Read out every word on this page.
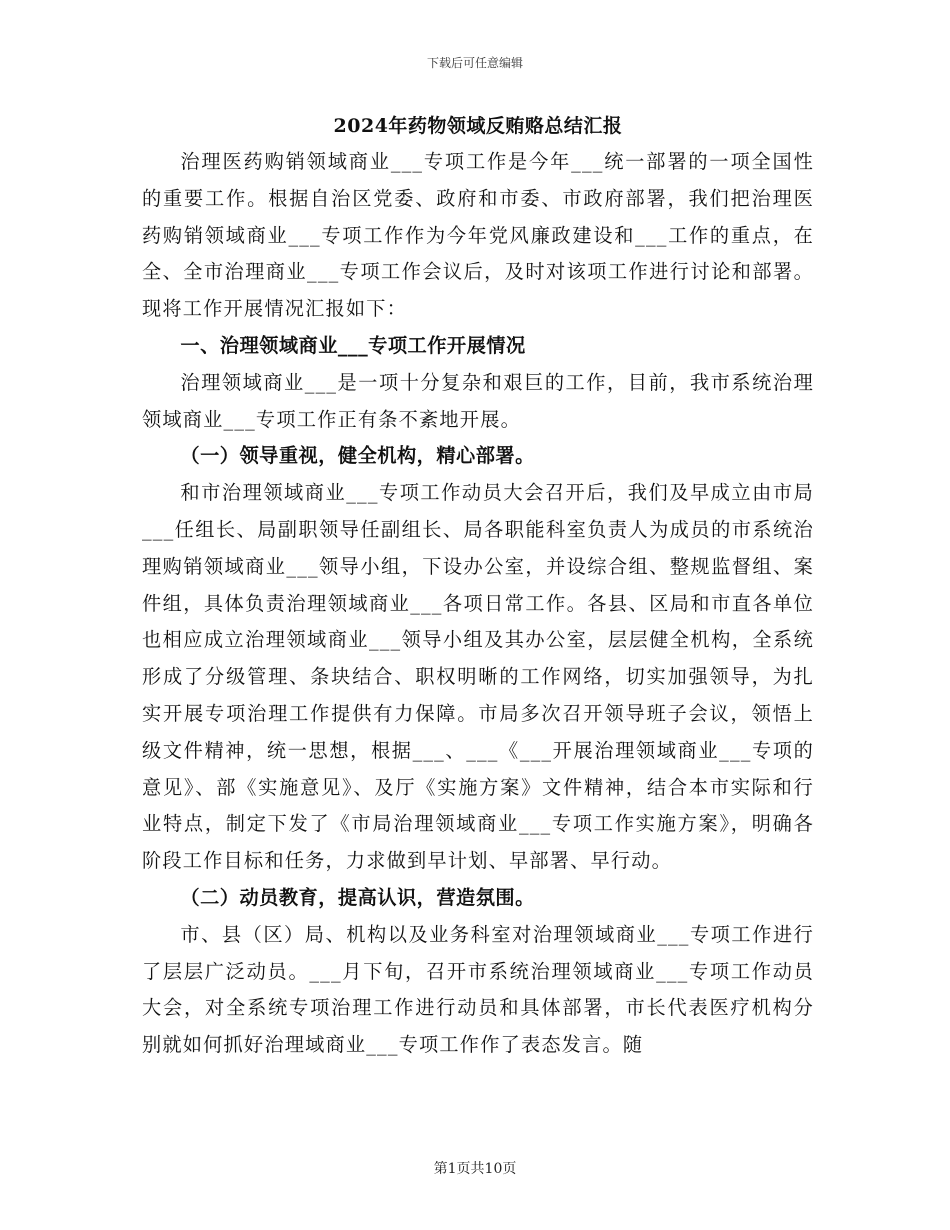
下载后可任意编辑
2024年药物领域反贿赂总结汇报

治理医药购销领域商业___专项工作是今年___统一部署的一项全国性的重要工作。根据自治区党委、政府和市委、市政府部署，我们把治理医药购销领域商业___专项工作作为今年党风廉政建设和___工作的重点，在全、全市治理商业___专项工作会议后，及时对该项工作进行讨论和部署。现将工作开展情况汇报如下：

一、治理领域商业___专项工作开展情况

治理领域商业___是一项十分复杂和艰巨的工作，目前，我市系统治理领域商业___专项工作正有条不紊地开展。

（一）领导重视，健全机构，精心部署。

和市治理领域商业___专项工作动员大会召开后，我们及早成立由市局___任组长、局副职领导任副组长、局各职能科室负责人为成员的市系统治理购销领域商业___领导小组，下设办公室，并设综合组、整规监督组、案件组，具体负责治理领域商业___各项日常工作。各县、区局和市直各单位也相应成立治理领域商业___领导小组及其办公室，层层健全机构，全系统形成了分级管理、条块结合、职权明晰的工作网络，切实加强领导，为扎实开展专项治理工作提供有力保障。市局多次召开领导班子会议，领悟上级文件精神，统一思想，根据___、___《___开展治理领域商业___专项的意见》、部《实施意见》、及厅《实施方案》文件精神，结合本市实际和行业特点，制定下发了《市局治理领域商业___专项工作实施方案》，明确各阶段工作目标和任务，力求做到早计划、早部署、早行动。

（二）动员教育，提高认识，营造氛围。

市、县（区）局、机构以及业务科室对治理领域商业___专项工作进行了层层广泛动员。___月下旬，召开市系统治理领域商业___专项工作动员大会，对全系统专项治理工作进行动员和具体部署，市长代表医疗机构分别就如何抓好治理域商业___专项工作作了表态发言。随

第1页共10页
